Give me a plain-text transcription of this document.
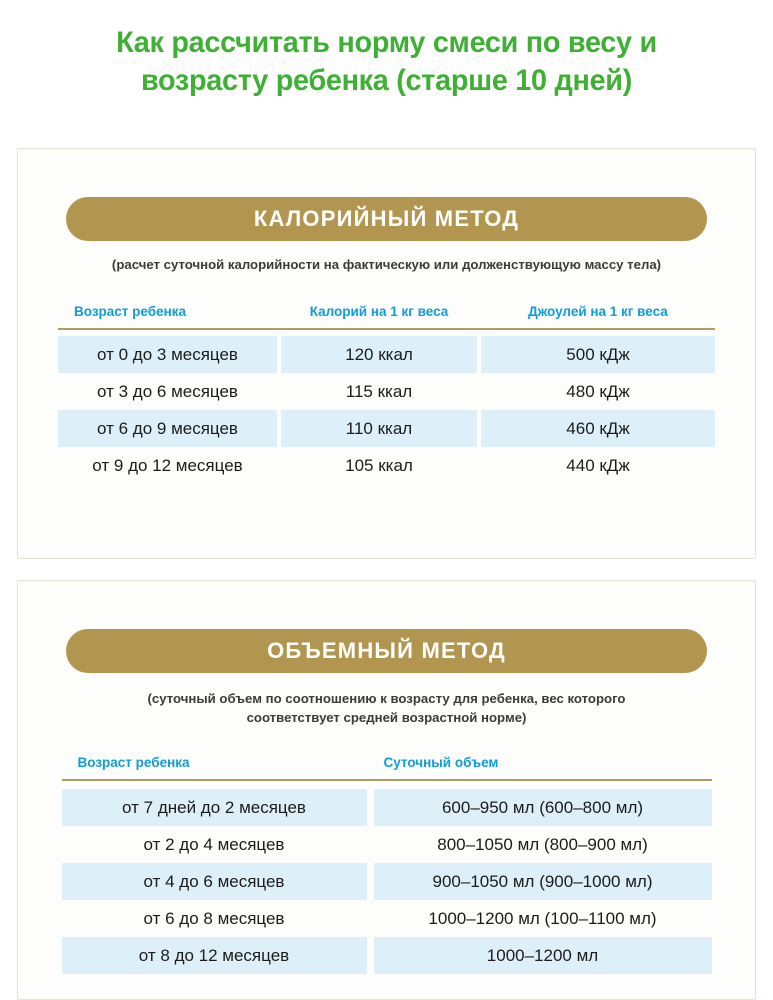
Как рассчитать норму смеси по весу и
возрасту ребенка (старше 10 дней)
КАЛОРИЙНЫЙ МЕТОД
(расчет суточной калорийности на фактическую или долженствующую массу тела)
Возраст ребенка		Калорий на 1 кг веса		Джоулей на 1 кг веса
от 0 до 3 месяцев		120 ккал		500 кДж
от 3 до 6 месяцев		115 ккал		480 кДж
от 6 до 9 месяцев		110 ккал		460 кДж
от 9 до 12 месяцев		105 ккал		440 кДж
ОБЪЕМНЫЙ МЕТОД
(суточный объем по соотношению к возрасту для ребенка, вес которого соответствует средней возрастной норме)
Возраст ребенка		Суточный объем
от 7 дней до 2 месяцев		600–950 мл (600–800 мл)
от 2 до 4 месяцев		800–1050 мл (800–900 мл)
от 4 до 6 месяцев		900–1050 мл (900–1000 мл)
от 6 до 8 месяцев		1000–1200 мл (100–1100 мл)
от 8 до 12 месяцев		1000–1200 мл
